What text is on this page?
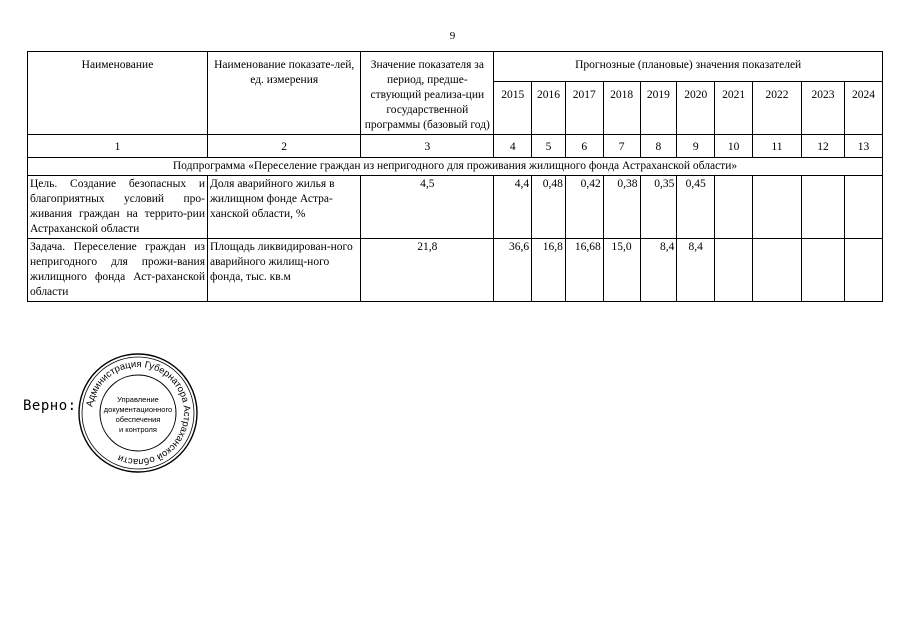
9
Наименование	Наименование показате-лей, ед. измерения	Значение показателя за период, предше-ствующий реализа-ции государственной программы (базовый год)	Прогнозные (плановые) значения показателей									
			2015	2016	2017	2018	2019	2020	2021	2022	2023	2024
1	2	3	4	5	6	7	8	9	10	11	12	13
Подпрограмма «Переселение граждан из непригодного для проживания жилищного фонда Астраханской области»												
Цель. Создание безопасных и благоприятных условий про-живания граждан на террито-рии Астраханской области	Доля аварийного жилья в жилищном фонде Астра-ханской области, %	4,5	4,4	0,48	0,42	0,38	0,35	0,45				
Задача. Переселение граждан из непригодного для прожи-вания жилищного фонда Аст-раханской области	Площадь ликвидирован-ного аварийного жилищ-ного фонда, тыс. кв.м	21,8	36,6	16,8	16,68	15,0	8,4	8,4				
Верно: Администрация Губернатора Астраханской области
Управление
документационного
обеспечения
и контроля
